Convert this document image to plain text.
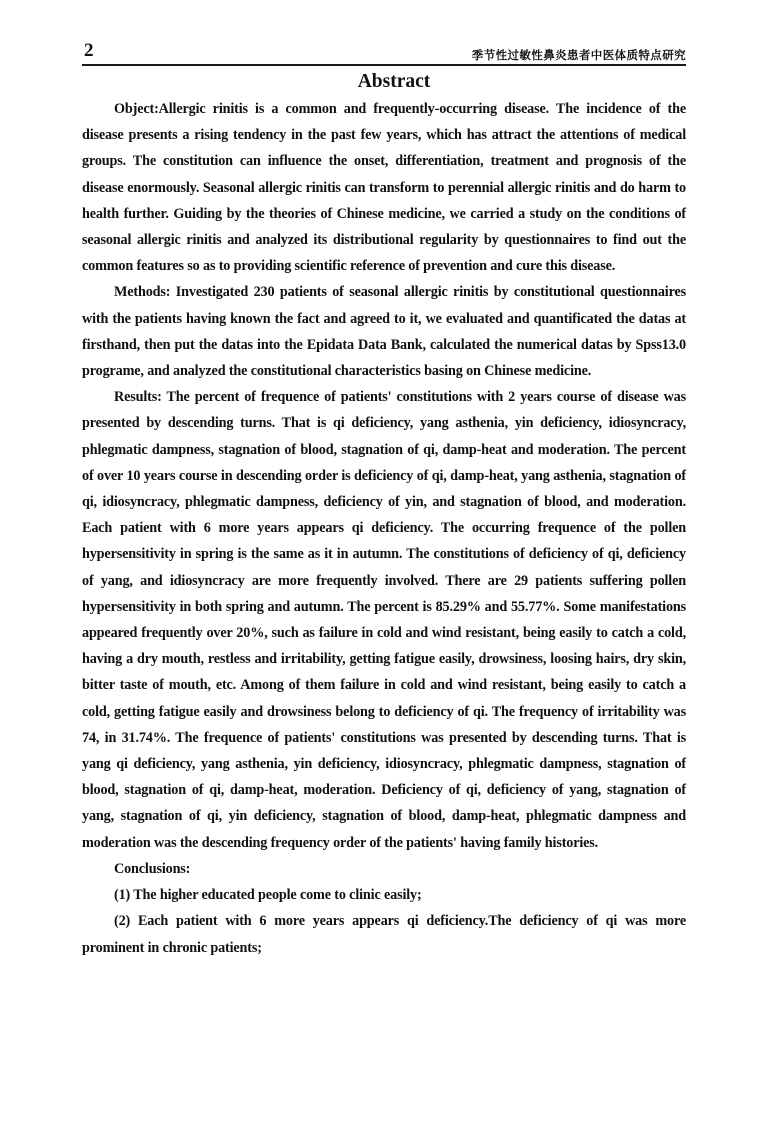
2	季节性过敏性鼻炎患者中医体质特点研究
Abstract

Object:Allergic rinitis is a common and frequently-occurring disease. The incidence of the disease presents a rising tendency in the past few years, which has attract the attentions of medical groups. The constitution can influence the onset, differentiation, treatment and prognosis of the disease enormously. Seasonal allergic rinitis can transform to perennial allergic rinitis and do harm to health further. Guiding by the theories of Chinese medicine, we carried a study on the conditions of seasonal allergic rinitis and analyzed its distributional regularity by questionnaires to find out the common features so as to providing scientific reference of prevention and cure this disease.

Methods: Investigated 230 patients of seasonal allergic rinitis by constitutional questionnaires with the patients having known the fact and agreed to it, we evaluated and quantificated the datas at firsthand, then put the datas into the Epidata Data Bank, calculated the numerical datas by Spss13.0 programe, and analyzed the constitutional characteristics basing on Chinese medicine.

Results: The percent of frequence of patients' constitutions with 2 years course of disease was presented by descending turns. That is qi deficiency, yang asthenia, yin deficiency, idiosyncracy, phlegmatic dampness, stagnation of blood, stagnation of qi, damp-heat and moderation. The percent of over 10 years course in descending order is deficiency of qi, damp-heat, yang asthenia, stagnation of qi, idiosyncracy, phlegmatic dampness, deficiency of yin, and stagnation of blood, and moderation. Each patient with 6 more years appears qi deficiency. The occurring frequence of the pollen hypersensitivity in spring is the same as it in autumn. The constitutions of deficiency of qi, deficiency of yang, and idiosyncracy are more frequently involved. There are 29 patients suffering pollen hypersensitivity in both spring and autumn. The percent is 85.29% and 55.77%. Some manifestations appeared frequently over 20%, such as failure in cold and wind resistant, being easily to catch a cold, having a dry mouth, restless and irritability, getting fatigue easily, drowsiness, loosing hairs, dry skin, bitter taste of mouth, etc. Among of them failure in cold and wind resistant, being easily to catch a cold, getting fatigue easily and drowsiness belong to deficiency of qi. The frequency of irritability was 74, in 31.74%. The frequence of patients' constitutions was presented by descending turns. That is yang qi deficiency, yang asthenia, yin deficiency, idiosyncracy, phlegmatic dampness, stagnation of blood, stagnation of qi, damp-heat, moderation. Deficiency of qi, deficiency of yang, stagnation of yang, stagnation of qi, yin deficiency, stagnation of blood, damp-heat, phlegmatic dampness and moderation was the descending frequency order of the patients' having family histories.

Conclusions:

(1) The higher educated people come to clinic easily;

(2) Each patient with 6 more years appears qi deficiency.The deficiency of qi was more prominent in chronic patients;
